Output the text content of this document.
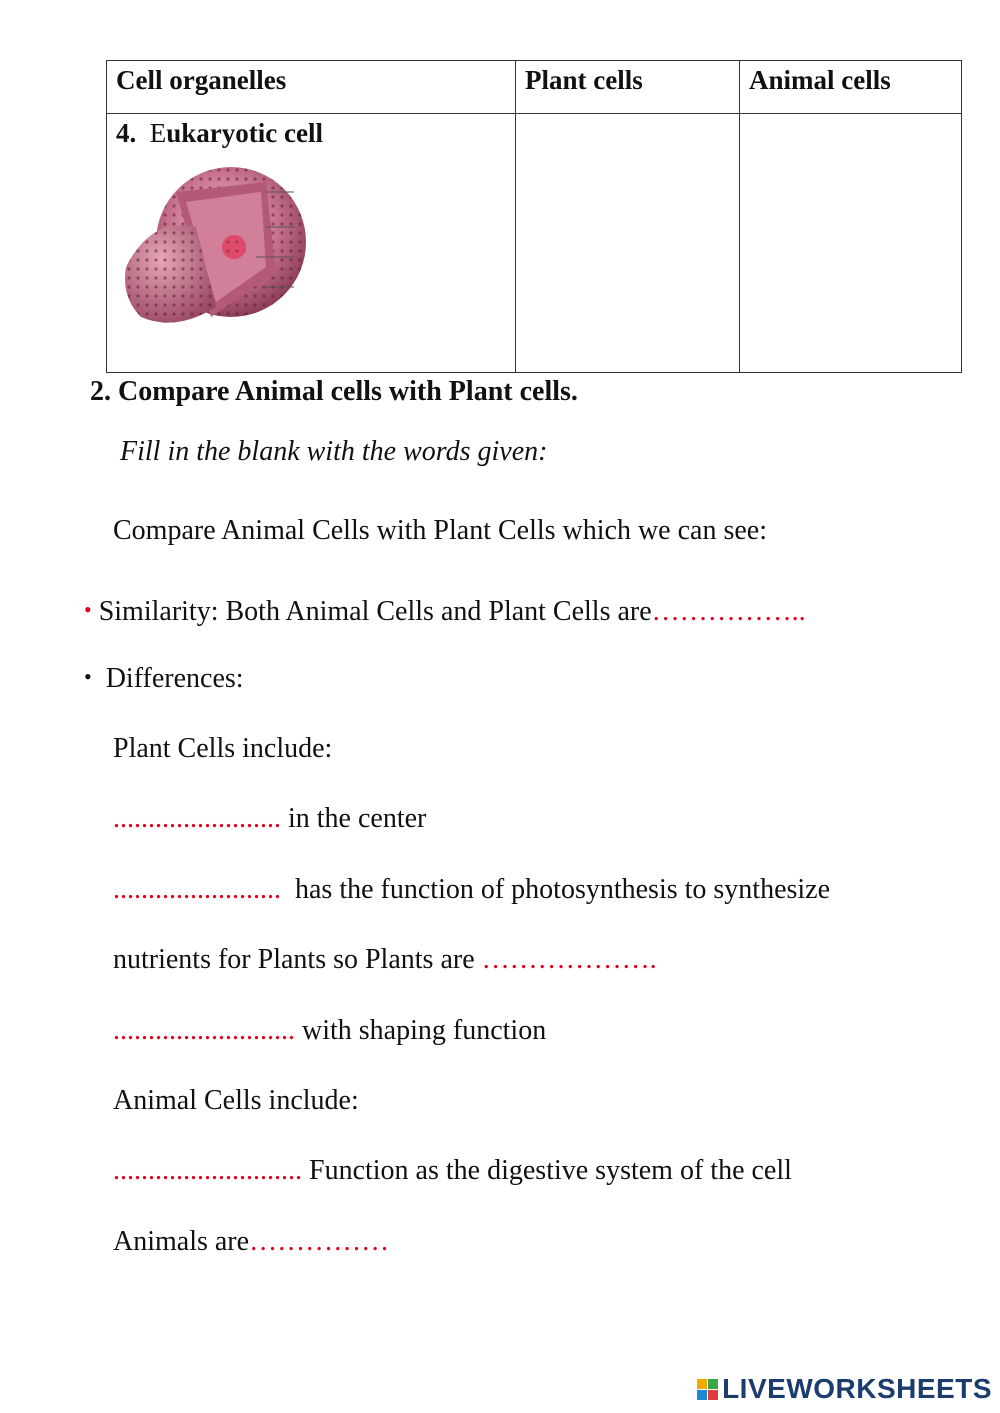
Cell organelles	Plant cells	Animal cells
4. Eukaryotic cell

2. Compare Animal cells with Plant cells.
Fill in the blank with the words given:
Compare Animal Cells with Plant Cells which we can see:
• Similarity: Both Animal Cells and Plant Cells are……………..
• Differences:
Plant Cells include:
........................ in the center
........................  has the function of photosynthesis to synthesize
nutrients for Plants so Plants are ……………….
.......................... with shaping function
Animal Cells include:
........................... Function as the digestive system of the cell
Animals are……………
LIVEWORKSHEETS
